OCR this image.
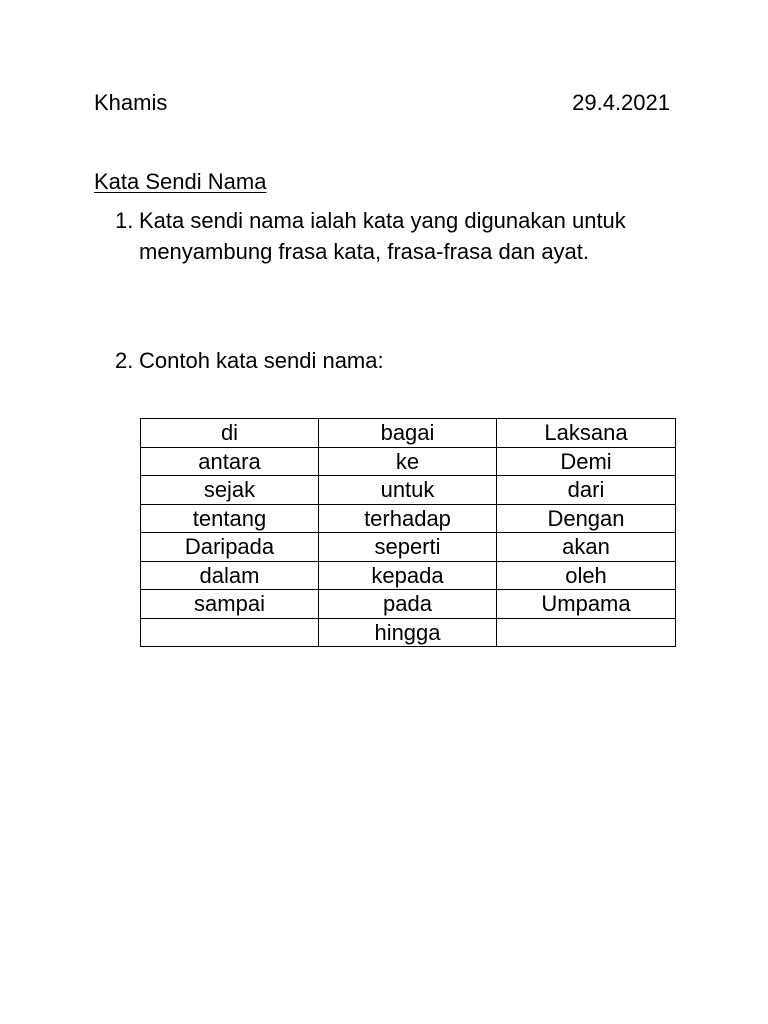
Khamis	29.4.2021
Kata Sendi Nama
1. Kata sendi nama ialah kata yang digunakan untuk menyambung frasa kata, frasa-frasa dan ayat.
2. Contoh kata sendi nama:
di	bagai	Laksana
antara	ke	Demi
sejak	untuk	dari
tentang	terhadap	Dengan
Daripada	seperti	akan
dalam	kepada	oleh
sampai	pada	Umpama
	hingga	
